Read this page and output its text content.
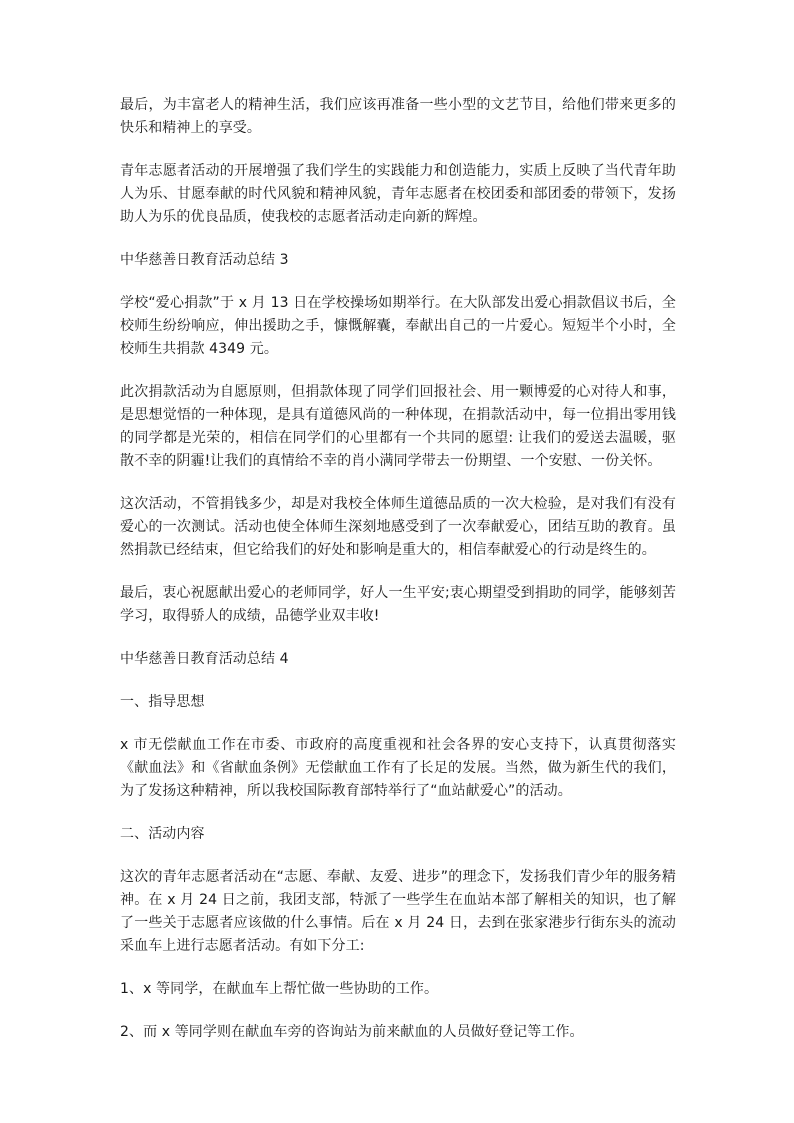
最后，为丰富老人的精神生活，我们应该再准备一些小型的文艺节目，给他们带来更多的快乐和精神上的享受。

青年志愿者活动的开展增强了我们学生的实践能力和创造能力，实质上反映了当代青年助人为乐、甘愿奉献的时代风貌和精神风貌，青年志愿者在校团委和部团委的带领下，发扬助人为乐的优良品质，使我校的志愿者活动走向新的辉煌。

中华慈善日教育活动总结 3

学校“爱心捐款”于 x 月 13 日在学校操场如期举行。在大队部发出爱心捐款倡议书后，全校师生纷纷响应，伸出援助之手，慷慨解囊，奉献出自己的一片爱心。短短半个小时，全校师生共捐款 4349 元。

此次捐款活动为自愿原则，但捐款体现了同学们回报社会、用一颗博爱的心对待人和事，是思想觉悟的一种体现，是具有道德风尚的一种体现，在捐款活动中，每一位捐出零用钱的同学都是光荣的，相信在同学们的心里都有一个共同的愿望: 让我们的爱送去温暖，驱散不幸的阴霾!让我们的真情给不幸的肖小满同学带去一份期望、一个安慰、一份关怀。

这次活动，不管捐钱多少，却是对我校全体师生道德品质的一次大检验，是对我们有没有爱心的一次测试。活动也使全体师生深刻地感受到了一次奉献爱心，团结互助的教育。虽然捐款已经结束，但它给我们的好处和影响是重大的，相信奉献爱心的行动是终生的。

最后，衷心祝愿献出爱心的老师同学，好人一生平安;衷心期望受到捐助的同学，能够刻苦学习，取得骄人的成绩，品德学业双丰收!

中华慈善日教育活动总结 4

一、指导思想

x 市无偿献血工作在市委、市政府的高度重视和社会各界的安心支持下，认真贯彻落实《献血法》和《省献血条例》无偿献血工作有了长足的发展。当然，做为新生代的我们，为了发扬这种精神，所以我校国际教育部特举行了“血站献爱心”的活动。

二、活动内容

这次的青年志愿者活动在“志愿、奉献、友爱、进步”的理念下，发扬我们青少年的服务精神。在 x 月 24 日之前，我团支部，特派了一些学生在血站本部了解相关的知识，也了解了一些关于志愿者应该做的什么事情。后在 x 月 24 日，去到在张家港步行街东头的流动采血车上进行志愿者活动。有如下分工:

1、x 等同学，在献血车上帮忙做一些协助的工作。

2、而 x 等同学则在献血车旁的咨询站为前来献血的人员做好登记等工作。
